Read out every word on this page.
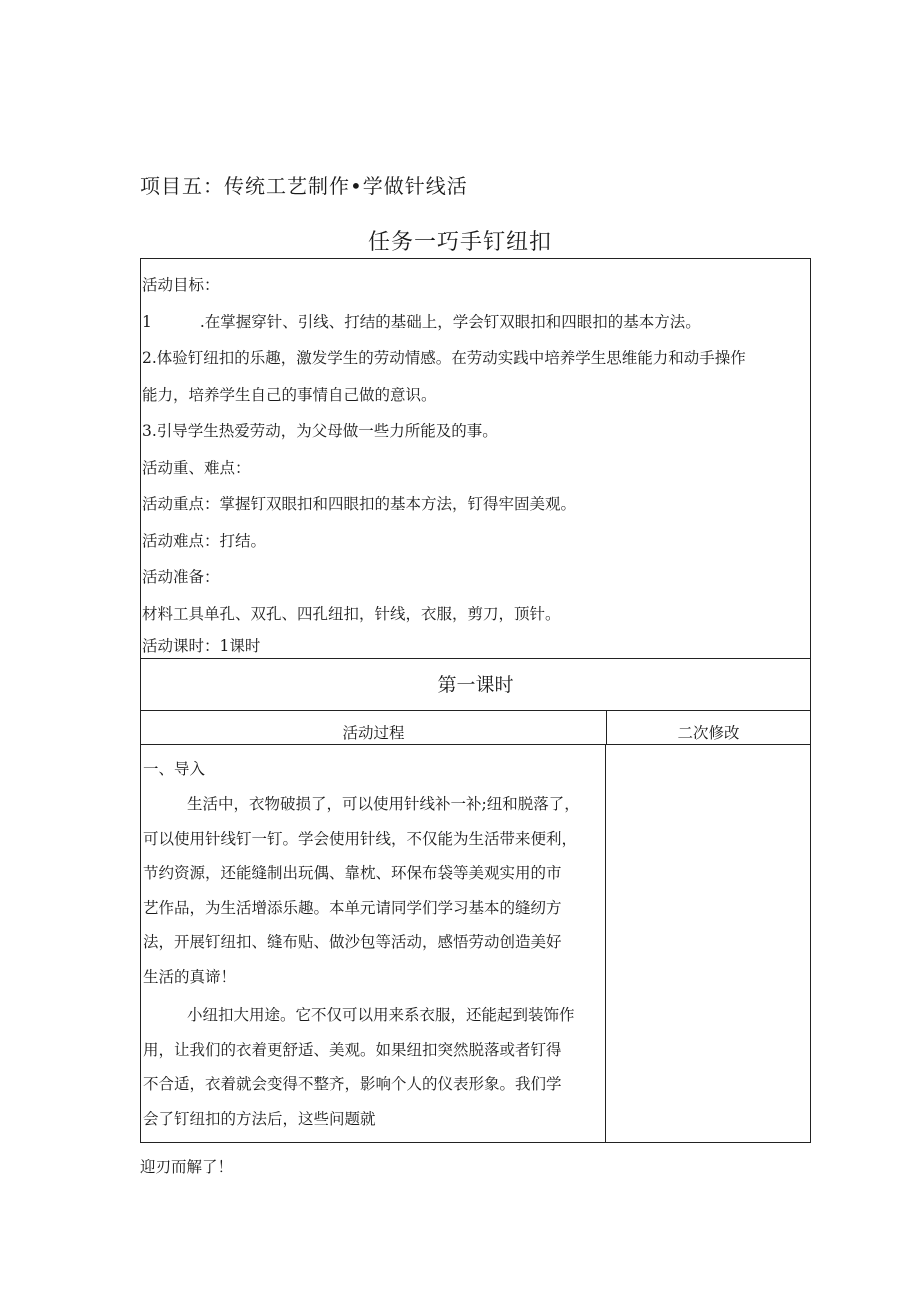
项目五：传统工艺制作•学做针线活
任务一巧手钉纽扣

活动目标：

1	.在掌握穿针、引线、打结的基础上，学会钉双眼扣和四眼扣的基本方法。

2.体验钉纽扣的乐趣，激发学生的劳动情感。在劳动实践中培养学生思维能力和动手操作

能力，培养学生自己的事情自己做的意识。

3.引导学生热爱劳动，为父母做一些力所能及的事。

活动重、难点：

活动重点：掌握钉双眼扣和四眼扣的基本方法，钉得牢固美观。

活动难点：打结。

活动准备：

材料工具单孔、双孔、四孔纽扣，针线，衣服，剪刀，顶针。

活动课时：1课时

第一课时
活动过程	二次修改

一、导入

生活中，衣物破损了，可以使用针线补一补;纽和脱落了，

可以使用针线钉一钉。学会使用针线，不仅能为生活带来便利，

节约资源，还能缝制出玩偶、靠枕、环保布袋等美观实用的市

艺作品，为生活增添乐趣。本单元请同学们学习基本的缝纫方

法，开展钉纽扣、缝布贴、做沙包等活动，感悟劳动创造美好

生活的真谛！

小纽扣大用途。它不仅可以用来系衣服，还能起到装饰作

用，让我们的衣着更舒适、美观。如果纽扣突然脱落或者钉得

不合适，衣着就会变得不整齐，影响个人的仪表形象。我们学

会了钉纽扣的方法后，这些问题就

迎刃而解了！
